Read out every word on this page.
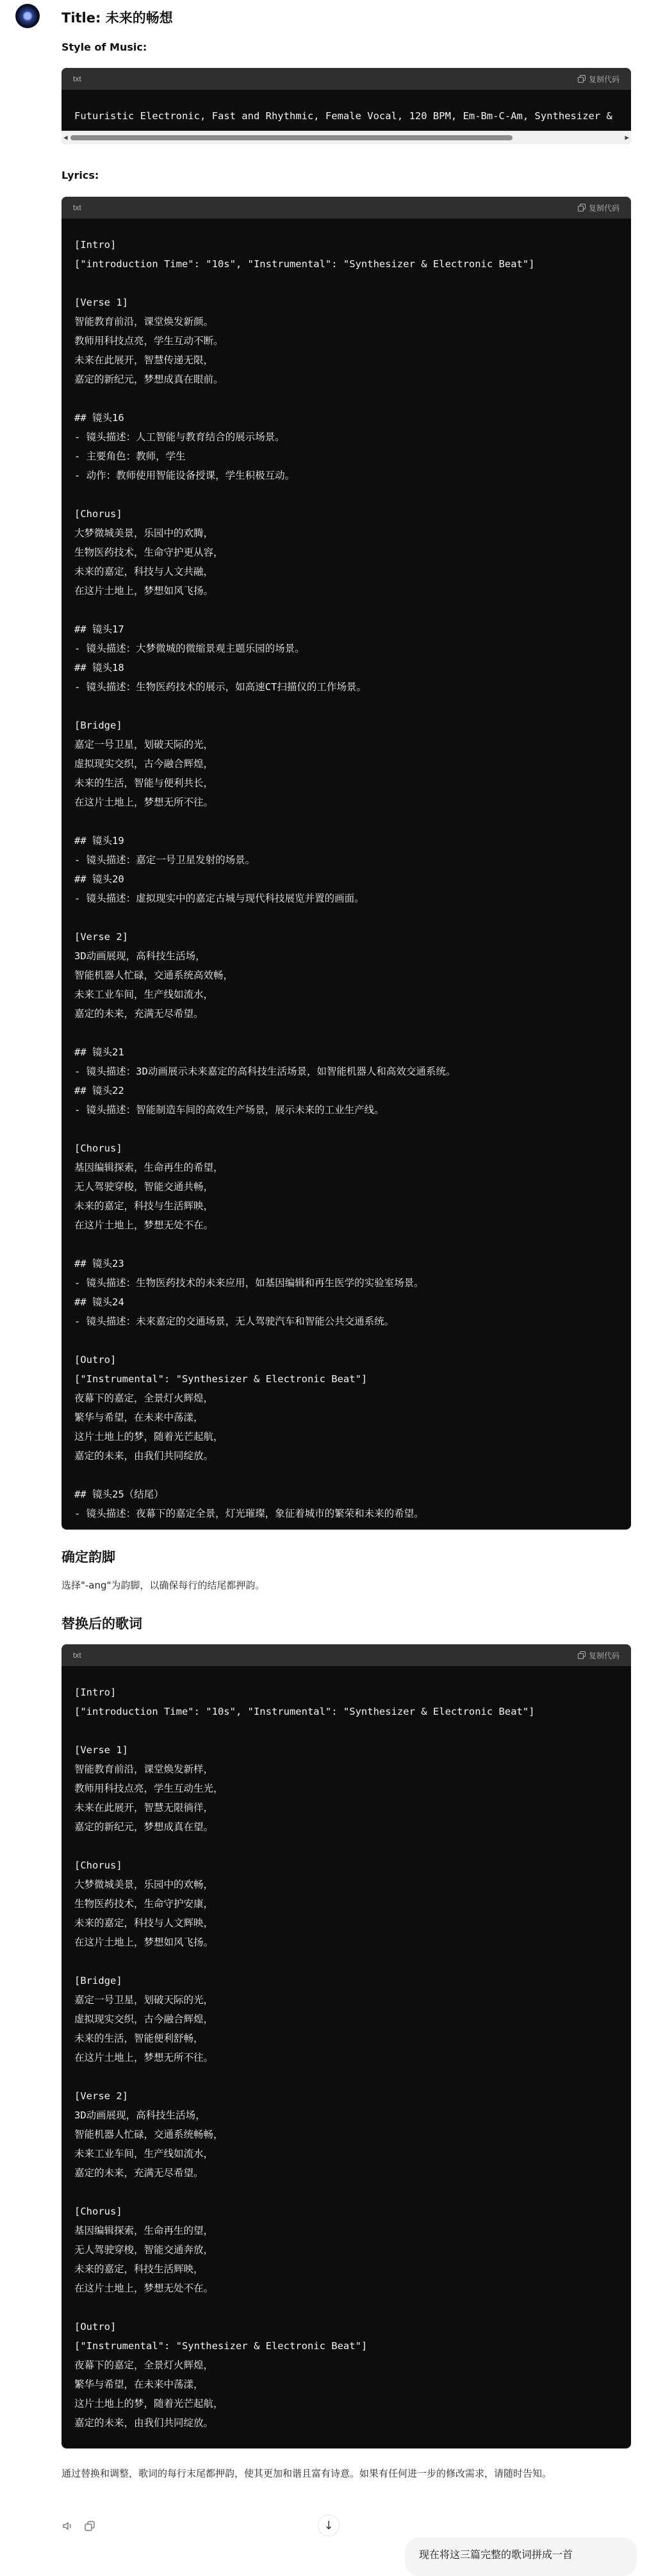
Title: 未来的畅想
Style of Music:
txt	复制代码
Futuristic Electronic, Fast and Rhythmic, Female Vocal, 120 BPM, Em-Bm-C-Am, Synthesizer &
◀	▶
Lyrics:
txt	复制代码
[Intro]
["introduction Time": "10s", "Instrumental": "Synthesizer & Electronic Beat"]

[Verse 1]
智能教育前沿，课堂焕发新颜。
教师用科技点亮，学生互动不断。
未来在此展开，智慧传递无限，
嘉定的新纪元，梦想成真在眼前。

## 镜头16
- 镜头描述：人工智能与教育结合的展示场景。
- 主要角色：教师，学生
- 动作：教师使用智能设备授课，学生积极互动。

[Chorus]
大梦微城美景，乐园中的欢腾，
生物医药技术，生命守护更从容，
未来的嘉定，科技与人文共融，
在这片土地上，梦想如风飞扬。

## 镜头17
- 镜头描述：大梦微城的微缩景观主题乐园的场景。
## 镜头18
- 镜头描述：生物医药技术的展示，如高速CT扫描仪的工作场景。

[Bridge]
嘉定一号卫星，划破天际的光，
虚拟现实交织，古今融合辉煌，
未来的生活，智能与便利共长，
在这片土地上，梦想无所不往。

## 镜头19
- 镜头描述：嘉定一号卫星发射的场景。
## 镜头20
- 镜头描述：虚拟现实中的嘉定古城与现代科技展览并置的画面。

[Verse 2]
3D动画展现，高科技生活场，
智能机器人忙碌，交通系统高效畅，
未来工业车间，生产线如流水，
嘉定的未来，充满无尽希望。

## 镜头21
- 镜头描述：3D动画展示未来嘉定的高科技生活场景，如智能机器人和高效交通系统。
## 镜头22
- 镜头描述：智能制造车间的高效生产场景，展示未来的工业生产线。

[Chorus]
基因编辑探索，生命再生的希望，
无人驾驶穿梭，智能交通共畅，
未来的嘉定，科技与生活辉映，
在这片土地上，梦想无处不在。

## 镜头23
- 镜头描述：生物医药技术的未来应用，如基因编辑和再生医学的实验室场景。
## 镜头24
- 镜头描述：未来嘉定的交通场景，无人驾驶汽车和智能公共交通系统。

[Outro]
["Instrumental": "Synthesizer & Electronic Beat"]
夜幕下的嘉定，全景灯火辉煌，
繁华与希望，在未来中荡漾，
这片土地上的梦，随着光芒起航，
嘉定的未来，由我们共同绽放。

## 镜头25（结尾）
- 镜头描述：夜幕下的嘉定全景，灯光璀璨，象征着城市的繁荣和未来的希望。
确定韵脚
选择"-ang"为韵脚，以确保每行的结尾都押韵。
替换后的歌词
txt	复制代码
[Intro]
["introduction Time": "10s", "Instrumental": "Synthesizer & Electronic Beat"]

[Verse 1]
智能教育前沿，课堂焕发新样，
教师用科技点亮，学生互动生光，
未来在此展开，智慧无限徜徉，
嘉定的新纪元，梦想成真在望。

[Chorus]
大梦微城美景，乐园中的欢畅，
生物医药技术，生命守护安康，
未来的嘉定，科技与人文辉映，
在这片土地上，梦想如风飞扬。

[Bridge]
嘉定一号卫星，划破天际的光，
虚拟现实交织，古今融合辉煌，
未来的生活，智能便利舒畅，
在这片土地上，梦想无所不往。

[Verse 2]
3D动画展现，高科技生活场，
智能机器人忙碌，交通系统畅畅，
未来工业车间，生产线如流水，
嘉定的未来，充满无尽希望。

[Chorus]
基因编辑探索，生命再生的望，
无人驾驶穿梭，智能交通奔放，
未来的嘉定，科技生活辉映，
在这片土地上，梦想无处不在。

[Outro]
["Instrumental": "Synthesizer & Electronic Beat"]
夜幕下的嘉定，全景灯火辉煌，
繁华与希望，在未来中荡漾，
这片土地上的梦，随着光芒起航，
嘉定的未来，由我们共同绽放。
通过替换和调整，歌词的每行末尾都押韵，使其更加和谐且富有诗意。如果有任何进一步的修改需求，请随时告知。
↓
现在将这三篇完整的歌词拼成一首
